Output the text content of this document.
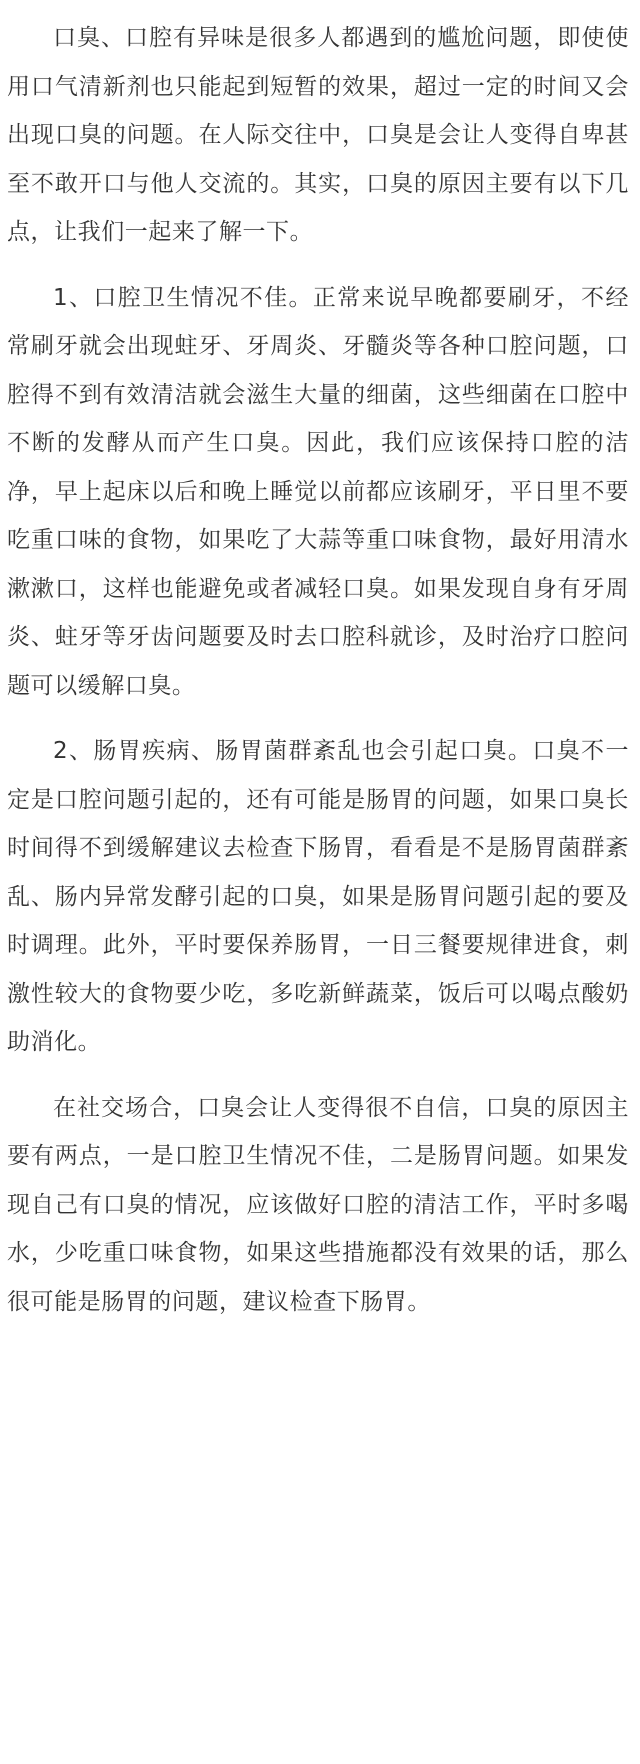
口臭、口腔有异味是很多人都遇到的尴尬问题，即使使用口气清新剂也只能起到短暂的效果，超过一定的时间又会出现口臭的问题。在人际交往中，口臭是会让人变得自卑甚至不敢开口与他人交流的。其实，口臭的原因主要有以下几点，让我们一起来了解一下。

1、口腔卫生情况不佳。正常来说早晚都要刷牙，不经常刷牙就会出现蛀牙、牙周炎、牙髓炎等各种口腔问题，口腔得不到有效清洁就会滋生大量的细菌，这些细菌在口腔中不断的发酵从而产生口臭。因此，我们应该保持口腔的洁净，早上起床以后和晚上睡觉以前都应该刷牙，平日里不要吃重口味的食物，如果吃了大蒜等重口味食物，最好用清水漱漱口，这样也能避免或者减轻口臭。如果发现自身有牙周炎、蛀牙等牙齿问题要及时去口腔科就诊，及时治疗口腔问题可以缓解口臭。

2、肠胃疾病、肠胃菌群紊乱也会引起口臭。口臭不一定是口腔问题引起的，还有可能是肠胃的问题，如果口臭长时间得不到缓解建议去检查下肠胃，看看是不是肠胃菌群紊乱、肠内异常发酵引起的口臭，如果是肠胃问题引起的要及时调理。此外，平时要保养肠胃，一日三餐要规律进食，刺激性较大的食物要少吃，多吃新鲜蔬菜，饭后可以喝点酸奶助消化。

在社交场合，口臭会让人变得很不自信，口臭的原因主要有两点，一是口腔卫生情况不佳，二是肠胃问题。如果发现自己有口臭的情况，应该做好口腔的清洁工作，平时多喝水，少吃重口味食物，如果这些措施都没有效果的话，那么很可能是肠胃的问题，建议检查下肠胃。
